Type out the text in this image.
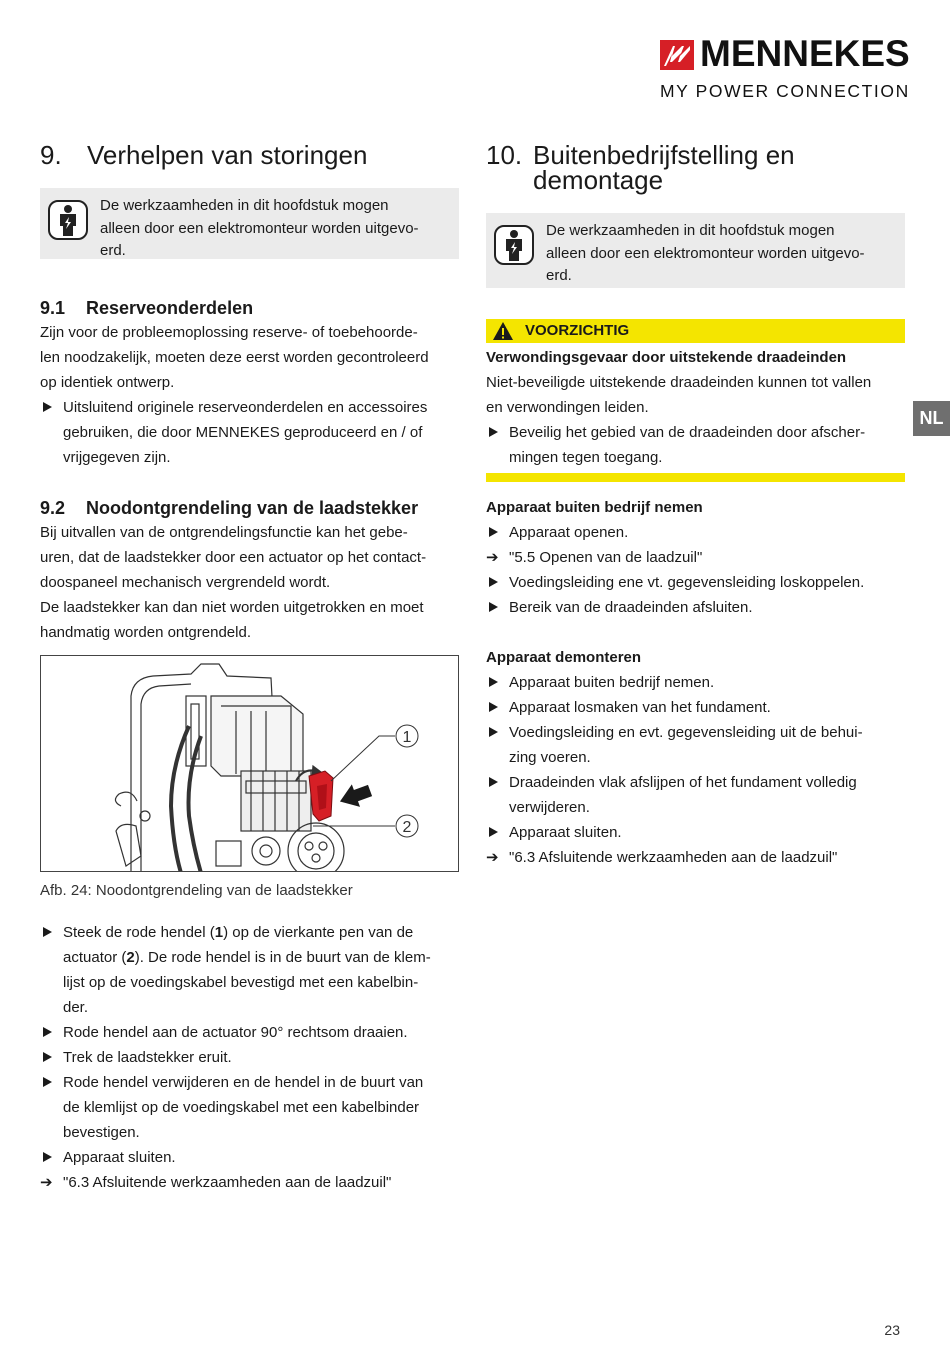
MENNEKES
MY POWER CONNECTION
9. Verhelpen van storingen
De werkzaamheden in dit hoofdstuk mogen
alleen door een elektromonteur worden uitgevo-
erd.
9.1 Reserveonderdelen
Zijn voor de probleemoplossing reserve- of toebehoorde-
len noodzakelijk, moeten deze eerst worden gecontroleerd
op identiek ontwerp.
Uitsluitend originele reserveonderdelen en accessoires
gebruiken, die door MENNEKES geproduceerd en / of
vrijgegeven zijn.
9.2 Noodontgrendeling van de laadstekker
Bij uitvallen van de ontgrendelingsfunctie kan het gebe-
uren, dat de laadstekker door een actuator op het contact-
doospaneel mechanisch vergrendeld wordt.
De laadstekker kan dan niet worden uitgetrokken en moet
handmatig worden ontgrendeld.
1
2
Afb. 24: Noodontgrendeling van de laadstekker
Steek de rode hendel (1) op de vierkante pen van de
actuator (2). De rode hendel is in de buurt van de klem-
lijst op de voedingskabel bevestigd met een kabelbin-
der.
Rode hendel aan de actuator 90° rechtsom draaien.
Trek de laadstekker eruit.
Rode hendel verwijderen en de hendel in de buurt van
de klemlijst op de voedingskabel met een kabelbinder
bevestigen.
Apparaat sluiten.
➔ "6.3 Afsluitende werkzaamheden aan de laadzuil"
10. Buitenbedrijfstelling en
demontage
De werkzaamheden in dit hoofdstuk mogen
alleen door een elektromonteur worden uitgevo-
erd.
VOORZICHTIG
Verwondingsgevaar door uitstekende draadeinden
Niet-beveiligde uitstekende draadeinden kunnen tot vallen
en verwondingen leiden.
Beveilig het gebied van de draadeinden door afscher-
mingen tegen toegang.
Apparaat buiten bedrijf nemen
Apparaat openen.
➔ "5.5 Openen van de laadzuil"
Voedingsleiding ene vt. gegevensleiding loskoppelen.
Bereik van de draadeinden afsluiten.
Apparaat demonteren
Apparaat buiten bedrijf nemen.
Apparaat losmaken van het fundament.
Voedingsleiding en evt. gegevensleiding uit de behui-
zing voeren.
Draadeinden vlak afslijpen of het fundament volledig
verwijderen.
Apparaat sluiten.
➔ "6.3 Afsluitende werkzaamheden aan de laadzuil"
NL
23
